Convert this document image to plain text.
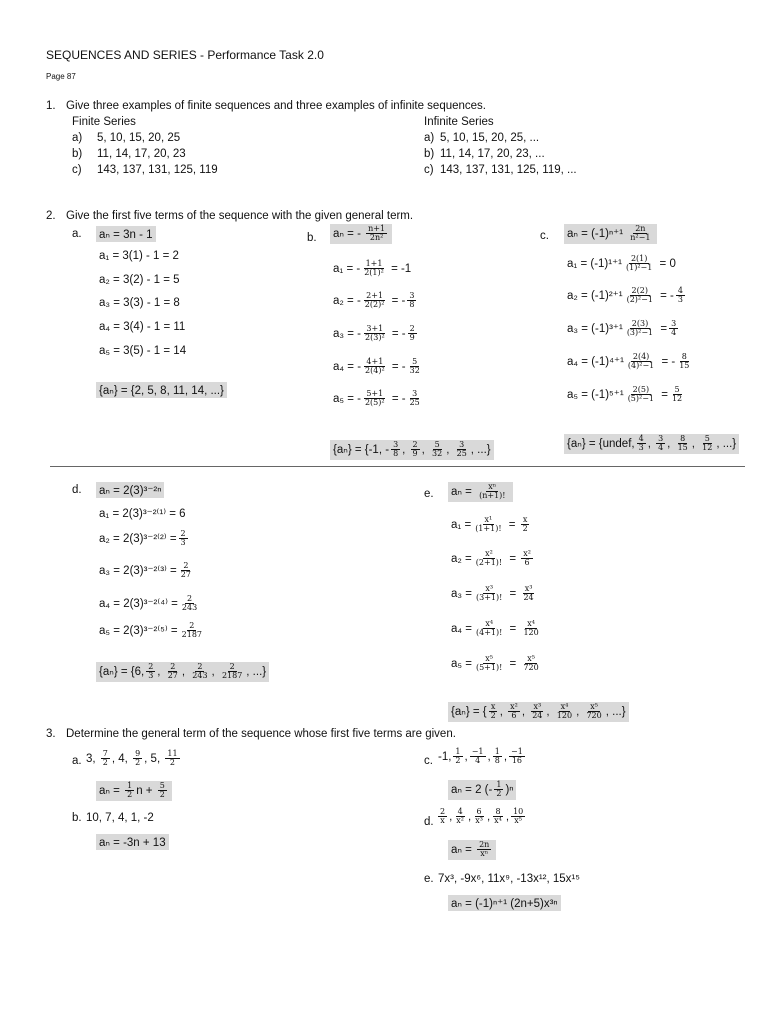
SEQUENCES AND SERIES - Performance Task 2.0
Page 87
1. Give three examples of finite sequences and three examples of infinite sequences.
Finite Series	Infinite Series
a) 5, 10, 15, 20, 25
b) 11, 14, 17, 20, 23
c) 143, 137, 131, 125, 119
a) 5, 10, 15, 20, 25, ...
b) 11, 14, 17, 20, 23, ...
c) 143, 137, 131, 125, 119, ...
2. Give the first five terms of the sequence with the given general term.
a. aₙ = 3n - 1
a₁ = 3(1) - 1 = 2
a₂ = 3(2) - 1 = 5
a₃ = 3(3) - 1 = 8
a₄ = 3(4) - 1 = 11
a₅ = 3(5) - 1 = 14
{aₙ} = {2, 5, 8, 11, 14, ...}
b. aₙ = - $\frac{n+1}{\text{2n²}}$
a₁ = - $\frac{1+1}{\text{2(1)²}} = -1$
a₂ = - $\frac{2+1}{\text{2(2)²}}$ = - $\frac{3}{8}$
a₃ = - $\frac{3+1}{\text{2(3)²}}$ = - $\frac{2}{9}$
a₄ = - $\frac{4+1}{\text{2(4)²}}$ = - $\frac{5}{32}$
a₅ = - $\frac{5+1}{\text{2(5)²}}$ = - $\frac{3}{25}$
{aₙ} = {-1, - $\frac{3}{8}$ , $\frac{2}{9}$ , $\frac{5}{32}$ , $\frac{3}{25}$ , ...}
c. $a_n = (-1)^{n+1} \frac{2n}{\text{n²−1}}$
$a_1 = (-1)^{1+1} \frac{2(1)}{\text{(1)²−1}} = 0$
$a_2 = (-1)^{2+1} \frac{2(2)}{\text{(2)²−1}}$ = - $\frac{4}{3}$
$a_3 = (-1)^{3+1} \frac{2(3)}{\text{(3)²−1}} = \frac{3}{4}$
$a_4 = (-1)^{4+1} \frac{2(4)}{\text{(4)²−1}}$ = - $\frac{8}{15}$
$a_5 = (-1)^{5+1} \frac{2(5)}{\text{(5)²−1}} = \frac{5}{12}$
{aₙ} = {undef, $\frac{4}{3}$ , $\frac{3}{4}$ , $\frac{8}{15}$ , $\frac{5}{12}$ , ...}
d. aₙ = 2(3)³⁻²ⁿ
a₁ = 2(3)³⁻²⁽¹⁾ = 6
$a_2 = 2(3)^{3-2(2)} = \frac{2}{3}$
$a_3 = 2(3)^{3-2(3)} = \frac{2}{27}$
$a_4 = 2(3)^{3-2(4)} = \frac{2}{243}$
$a_5 = 2(3)^{3-2(5)} = \frac{2}{2187}$
{aₙ} = {6, $\frac{2}{3}$ , $\frac{2}{27}$ , $\frac{2}{243}$ , $\frac{2}{2187}$ , ...}
e. $a_n = \frac{\text{xⁿ}}{(n+1)!}$
$a_1 = \frac{\text{x¹}}{(1+1)!} = \frac{x}{2}$
$a_2 = \frac{\text{x²}}{(2+1)!} = \frac{\text{x²}}{6}$
$a_3 = \frac{\text{x³}}{(3+1)!} = \frac{\text{x³}}{24}$
$a_4 = \frac{\text{x⁴}}{(4+1)!} = \frac{\text{x⁴}}{120}$
$a_5 = \frac{\text{x⁵}}{(5+1)!} = \frac{\text{x⁵}}{720}$
{aₙ} = { $\frac{x}{2}$ , $\frac{\text{x²}}{6}$ , $\frac{\text{x³}}{24}$ , $\frac{\text{x⁴}}{120}$ , $\frac{\text{x⁵}}{720}$ , ...}
3. Determine the general term of the sequence whose first five terms are given.
a. 3, $\frac{7}{2}$ , 4, $\frac{9}{2}$ , 5, $\frac{11}{2}$
$a_n = \frac{1}{2}$ $n + \frac{5}{2}$
b. 10, 7, 4, 1, -2
aₙ = -3n + 13
c. -1, $\frac{1}{2}$ , $\frac{-1}{4}$ , $\frac{1}{8}$ , $\frac{-1}{16}$
aₙ = 2 (- $\frac{1}{2} )^n$
d. $\frac{2}{x}$ , $\frac{4}{\text{x²}}$ , $\frac{6}{\text{x³}}$ , $\frac{8}{\text{x⁴}}$ , $\frac{10}{\text{x⁵}}$
$a_n = \frac{2n}{\text{xⁿ}}$
e. 7x³, -9x⁶, 11x⁹, -13x¹², 15x¹⁵
aₙ = (-1)ⁿ⁺¹ (2n+5)x³ⁿ
